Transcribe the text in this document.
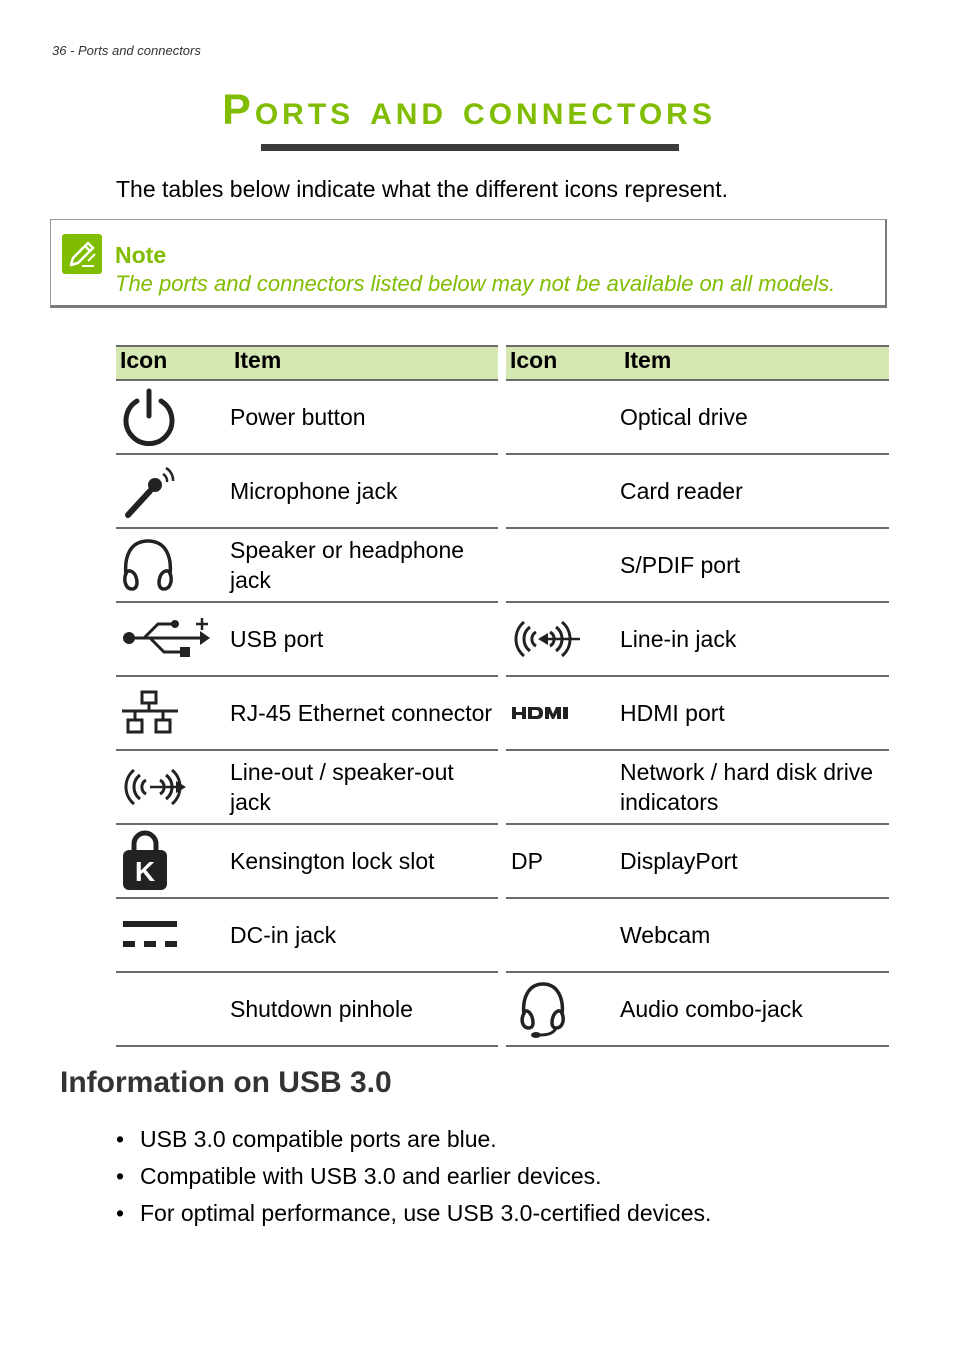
36 - Ports and connectors
Ports and connectors

The tables below indicate what the different icons represent.

Note
The ports and connectors listed below may not be available on all models.
Icon	Item

	Power button

	Microphone jack

	Speaker or headphone jack

	USB port

	RJ-45 Ethernet connector

	Line-out / speaker-out jack

K	Kensington lock slot

	DC-in jack
	Shutdown pinhole
Icon	Item
	Optical drive
	Card reader
	S/PDIF port

	Line-in jack

	HDMI port
	Network / hard disk drive indicators
DP	DisplayPort
	Webcam

	Audio combo-jack
Information on USB 3.0
• USB 3.0 compatible ports are blue.
• Compatible with USB 3.0 and earlier devices.
• For optimal performance, use USB 3.0-certified devices.
